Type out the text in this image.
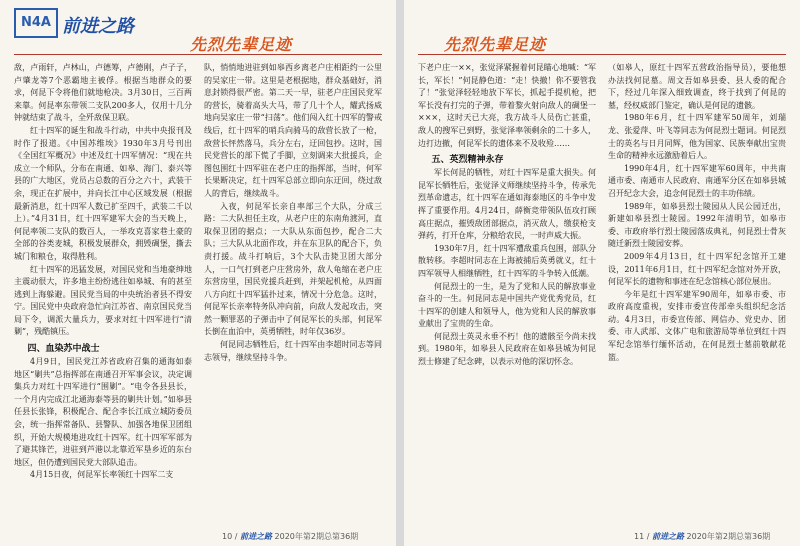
N4A 前进之路
先烈先辈足迹

敌，卢雨轩，卢林山，卢德筹，卢德刚，卢子子，卢肇龙等7个恶霸地主被俘。根据当地群众的要求，何昆下令将他们就地枪决。3月30日，三百两来靠。何昆率东带领二支队200多人，仅用十几分钟就结束了战斗，全歼敌保卫联。

红十四军的诞生和战斗行动，中共中央报刊及时作了报道。《中国苏维埃》1930年3月号刊出《全国红军概况》中述及红十四军情况：“现在共成立一个师队，分布在南通、如皋、海门、泰兴等县的广大地区，党员占总数的百分之六十，武装干余，现正在扩展中，并向长江中心区域发展（根据最新消息，红十四军人数已扩至四千，武装二千以上）。”4月31日，红十四军建军大会的当天晚上，何昆率领二支队的数百人，一举攻克喜家巷土豪的全部的谷类麦城，积极发展群众，拥毁碉堡，撕去城门和粮仓，取得胜利。

红十四军的迅猛发展，对国民党和当地豪绅地主震动很大，许多地主纷纷逃往如皋城、有的甚至逃到上海躲避。国民党当局的中央统治者县不得安宁。国民党中央政府急忙向江苏省、南京国民党当局下令，调派大量兵力，要求对红十四军进行“清剿”，残酷镇压。

四、血染苏中战士

4月9日，国民党江苏省政府召集的通海如泰地区“剿共”总指挥部在南通召开军事会议，决定调集兵力对红十四军进行“围剿”。“电令各县县长，一个月内完成江北通海泰等县的剿共计划。”如皋县任县长张锋，积极配合、配合李长江成立城防委员会，统一指挥常备队、县警队、加强各地保卫团组织，开始大规模地进攻红十四军。红十四军军部为了避其锋芒，进驻到芦港以北靠近军垦乡近的东台地区，但仍遭到国民党大部队追击。

4月15日夜，何昆军长率领红十四军二支

队，悄悄地进驻到如皋西乡离老户庄相距约一公里的吴家庄一带。这里是老根据地，群众基础好，消息封锁得很严密。第二天一早，驻老户庄国民党军的营长，骑着高头大马，带了几十个人，耀武扬威地向吴家庄一带“扫荡”。他们闯入红十四军的警戒线后，红十四军的哨兵向骑马的敌营长放了一枪，敌营长怦然落马，兵分左右，迂回包抄。这时，国民党营长的部下慌了手脚，立刻调来大批援兵，企图包围红十四军驻在老户庄的指挥部，当时，何军长果断决定，红十四军总部立即向东迂回，绕过敌人的背后，继续战斗。

入夜，何昆军长亲自率部三个大队，分成三路：二大队担任主攻，从老户庄的东南角渡河，直取保卫团的据点；一大队从东面包抄，配合二大队；三大队从北面作攻，并在东卫队的配合下，负责打援。战斗打响后，3个大队击毙卫团大部分人，一口气打到老户庄营房外，敌人龟缩在老户庄东营房里，国民党援兵赶到，并架起机枪，从四面八方向红十四军猛扑过来，情况十分危急。这时，何昆军长亲率特务队冲向前，向敌人发起攻击，突然一颗罪恶的子弹击中了何昆军长的头部，何昆军长倒在血泊中，英勇牺牲，时年仅36岁。

何昆同志牺牲后，红十四军由李超时同志等同志领导，继续坚持斗争。

10 / 前进之路 2020年第2期总第36期
先烈先辈足迹

下老户庄一××，张觉泽紧握着何昆瞄心地喊：“军长，军长！”何昆静色道：“走！快撤！你不要管我了！”张觉泽轻轻地放下军长，抓起手提机枪，把军长没有打完的子弹，带着黎火射向敌人的碉堡一×××，这时天已大亮，我方战斗人员伤亡甚重，敌人的搜军已到野，张觉泽率领剩余的二十多人，边打边撤，何昆军长的遗体来不及收殓……

五、英烈精神永存

军长何昆的牺牲，对红十四军是重大损失。何昆军长牺牲后，张觉泽义师继续坚持斗争，传承先烈革命遗志，红十四军在通如海泰地区的斗争中发挥了重要作用。4月24日，薛衡竞带领队伍攻打顾高庄据点，摧毁敌团部据点，消灭敌人，缴获枪支弹药，打开仓库，分粮给农民，一时声威大振。

1930年7月，红十四军遭敌重兵包围，部队分散转移。李超时同志在上海被捕后英勇就义，红十四军领导人相继牺牲，红十四军的斗争转入低潮。

何昆烈士的一生，是为了党和人民的解放事业奋斗的一生。何昆同志是中国共产党优秀党员，红十四军的创建人和领导人，他为党和人民的解放事业献出了宝贵的生命。

何昆烈士英灵永垂不朽！他的遗骸至今尚未找到。1980年，如皋县人民政府在如皋县城为何昆烈士修建了纪念碑，以表示对他的深切怀念。

（如皋人，原红十四军五营政治指导员），要他想办法找何昆墓。周文吾如皋县委、县人委的配合下，经过几年深入细致调查，终于找到了何昆的墓，经权威部门鉴定，确认是何昆的遗骸。

1980年6月，红十四军建军50周年，刘瑞龙、张爱萍、叶飞等同志为何昆烈士题词。何昆烈士的英名与日月同辉，他为国家、民族奉献出宝贵生命的精神永远激励着后人。

1990年4月，红十四军建军60周年，中共南通市委、南通市人民政府、南通军分区在如皋县城召开纪念大会，追念何昆烈士的丰功伟绩。

1989年，如皋县烈士陵园从人民公园迁出，新建如皋县烈士陵园。1992年清明节，如皋市委、市政府举行烈士陵园落成典礼，何昆烈士骨灰随迁新烈士陵园安葬。

2009年4月13日，红十四军纪念馆开工建设，2011年6月1日，红十四军纪念馆对外开放，何昆军长的遗物和事迹在纪念馆核心部位展出。

今年是红十四军建军90周年，如皋市委、市政府高度重视，安排市委宣传部牵头组织纪念活动。4月3日，市委宣传部、网信办、党史办、团委、市人武部、文体广电和旅游局等单位到红十四军纪念馆举行缅怀活动，在何昆烈士墓前敬献花篮。

11 / 前进之路 2020年第2期总第36期
